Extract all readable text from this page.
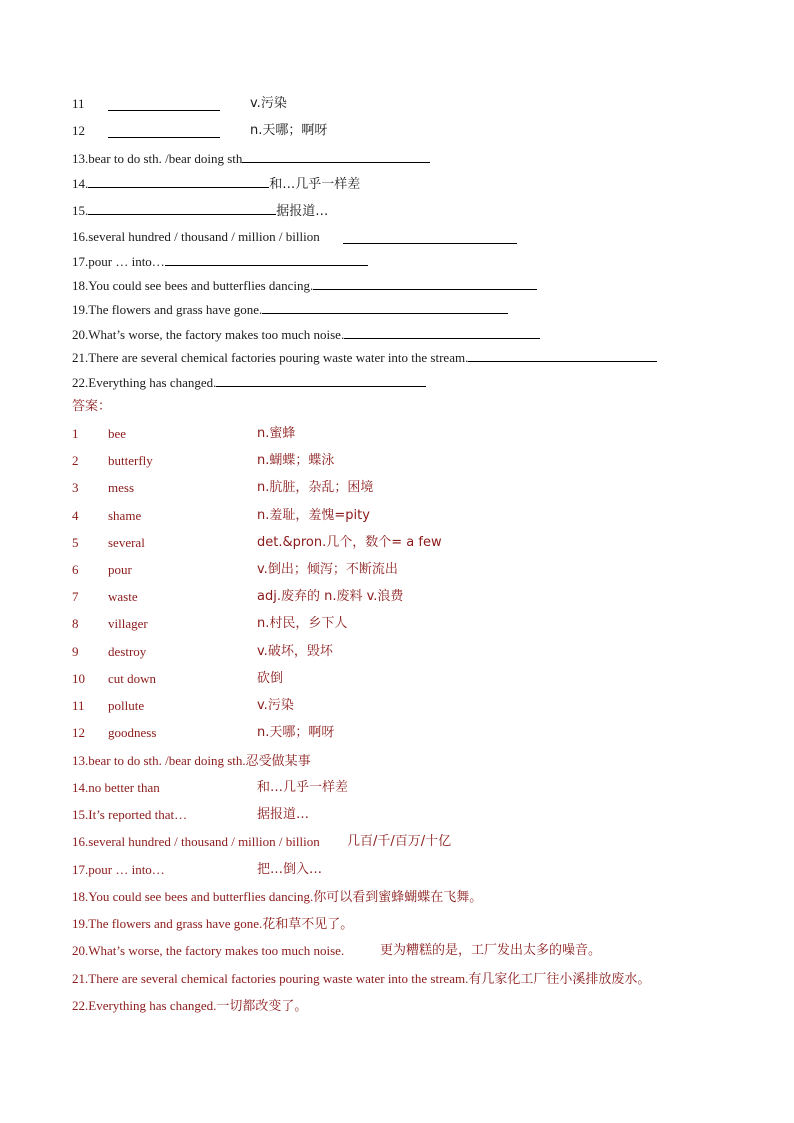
11	v.污染
12	n.天哪；啊呀
13.bear to do sth. /bear doing sth
14.	和…几乎一样差
15.	据报道…
16.several hundred / thousand / million / billion
17.pour … into…
18.You could see bees and butterflies dancing.
19.The flowers and grass have gone.
20.What’s worse, the factory makes too much noise.
21.There are several chemical factories pouring waste water into the stream.
22.Everything has changed.
答案：
1 bee	n.蜜蜂
2 butterfly	n.蝴蝶；蝶泳
3 mess	n.肮脏，杂乱；困境
4 shame	n.羞耻，羞愧=pity
5 several	det.&pron.几个，数个= a few
6 pour	v.倒出；倾泻；不断流出
7 waste	adj.废弃的 n.废料 v.浪费
8 villager	n.村民，乡下人
9 destroy	v.破坏，毁坏
10 cut down	砍倒
11 pollute	v.污染
12 goodness	n.天哪；啊呀
13.bear to do sth. /bear doing sth.忍受做某事
14.no better than	和…几乎一样差
15.It’s reported that…	据报道…
16.several hundred / thousand / million / billion 几百/千/百万/十亿
17.pour … into…	把…倒入…
18.You could see bees and butterflies dancing.你可以看到蜜蜂蝴蝶在飞舞。
19.The flowers and grass have gone.花和草不见了。
20.What’s worse, the factory makes too much noise.	更为糟糕的是，工厂发出太多的噪音。
21.There are several chemical factories pouring waste water into the stream.有几家化工厂往小溪排放废水。
22.Everything has changed.一切都改变了。
